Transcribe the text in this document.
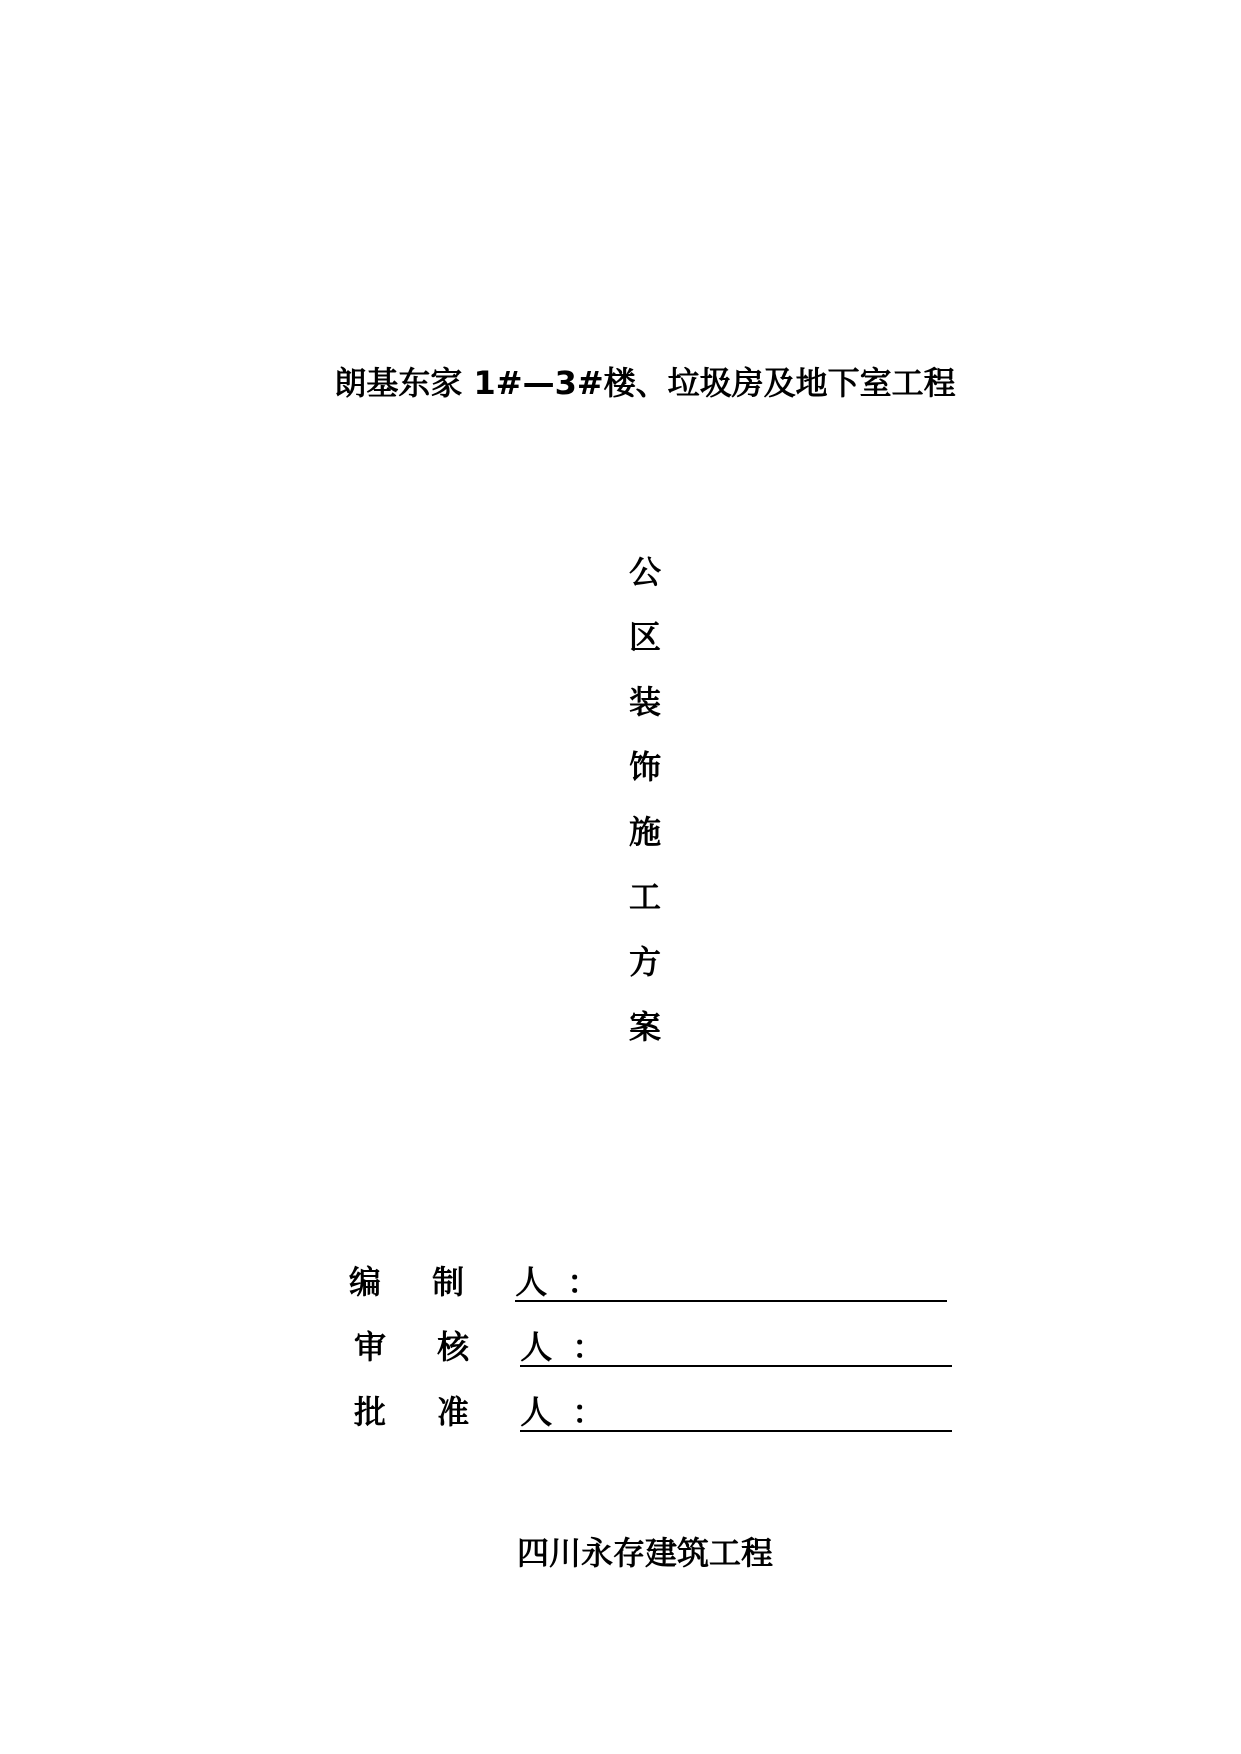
朗基东家 1#—3#楼、垃圾房及地下室工程
公
区
装
饰
施
工
方
案
编 制 人：
审 核 人：
批 准 人：
四川永存建筑工程
